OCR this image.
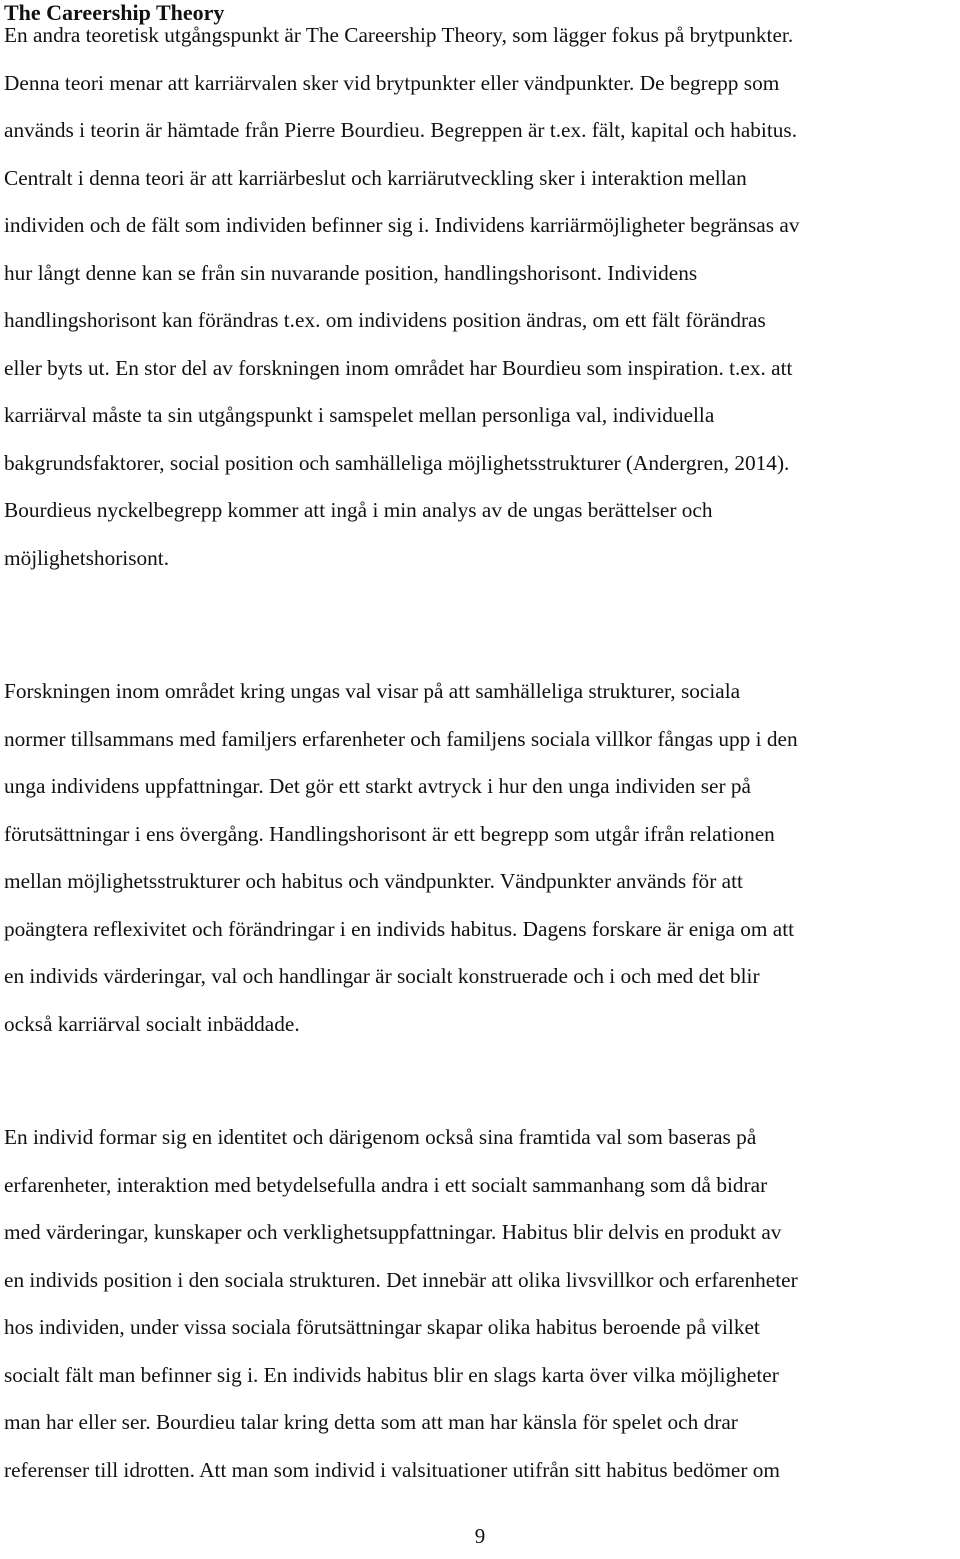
The Careership Theory

En andra teoretisk utgångspunkt är The Careership Theory, som lägger fokus på brytpunkter.
Denna teori menar att karriärvalen sker vid brytpunkter eller vändpunkter. De begrepp som
används i teorin är hämtade från Pierre Bourdieu. Begreppen är t.ex. fält, kapital och habitus.
Centralt i denna teori är att karriärbeslut och karriärutveckling sker i interaktion mellan
individen och de fält som individen befinner sig i. Individens karriärmöjligheter begränsas av
hur långt denne kan se från sin nuvarande position, handlingshorisont. Individens
handlingshorisont kan förändras t.ex. om individens position ändras, om ett fält förändras
eller byts ut. En stor del av forskningen inom området har Bourdieu som inspiration. t.ex. att
karriärval måste ta sin utgångspunkt i samspelet mellan personliga val, individuella
bakgrundsfaktorer, social position och samhälleliga möjlighetsstrukturer (Andergren, 2014).
Bourdieus nyckelbegrepp kommer att ingå i min analys av de ungas berättelser och
möjlighetshorisont.

Forskningen inom området kring ungas val visar på att samhälleliga strukturer, sociala
normer tillsammans med familjers erfarenheter och familjens sociala villkor fångas upp i den
unga individens uppfattningar. Det gör ett starkt avtryck i hur den unga individen ser på
förutsättningar i ens övergång. Handlingshorisont är ett begrepp som utgår ifrån relationen
mellan möjlighetsstrukturer och habitus och vändpunkter. Vändpunkter används för att
poängtera reflexivitet och förändringar i en individs habitus. Dagens forskare är eniga om att
en individs värderingar, val och handlingar är socialt konstruerade och i och med det blir
också karriärval socialt inbäddade.

En individ formar sig en identitet och därigenom också sina framtida val som baseras på
erfarenheter, interaktion med betydelsefulla andra i ett socialt sammanhang som då bidrar
med värderingar, kunskaper och verklighetsuppfattningar. Habitus blir delvis en produkt av
en individs position i den sociala strukturen. Det innebär att olika livsvillkor och erfarenheter
hos individen, under vissa sociala förutsättningar skapar olika habitus beroende på vilket
socialt fält man befinner sig i. En individs habitus blir en slags karta över vilka möjligheter
man har eller ser. Bourdieu talar kring detta som att man har känsla för spelet och drar
referenser till idrotten. Att man som individ i valsituationer utifrån sitt habitus bedömer om

9
